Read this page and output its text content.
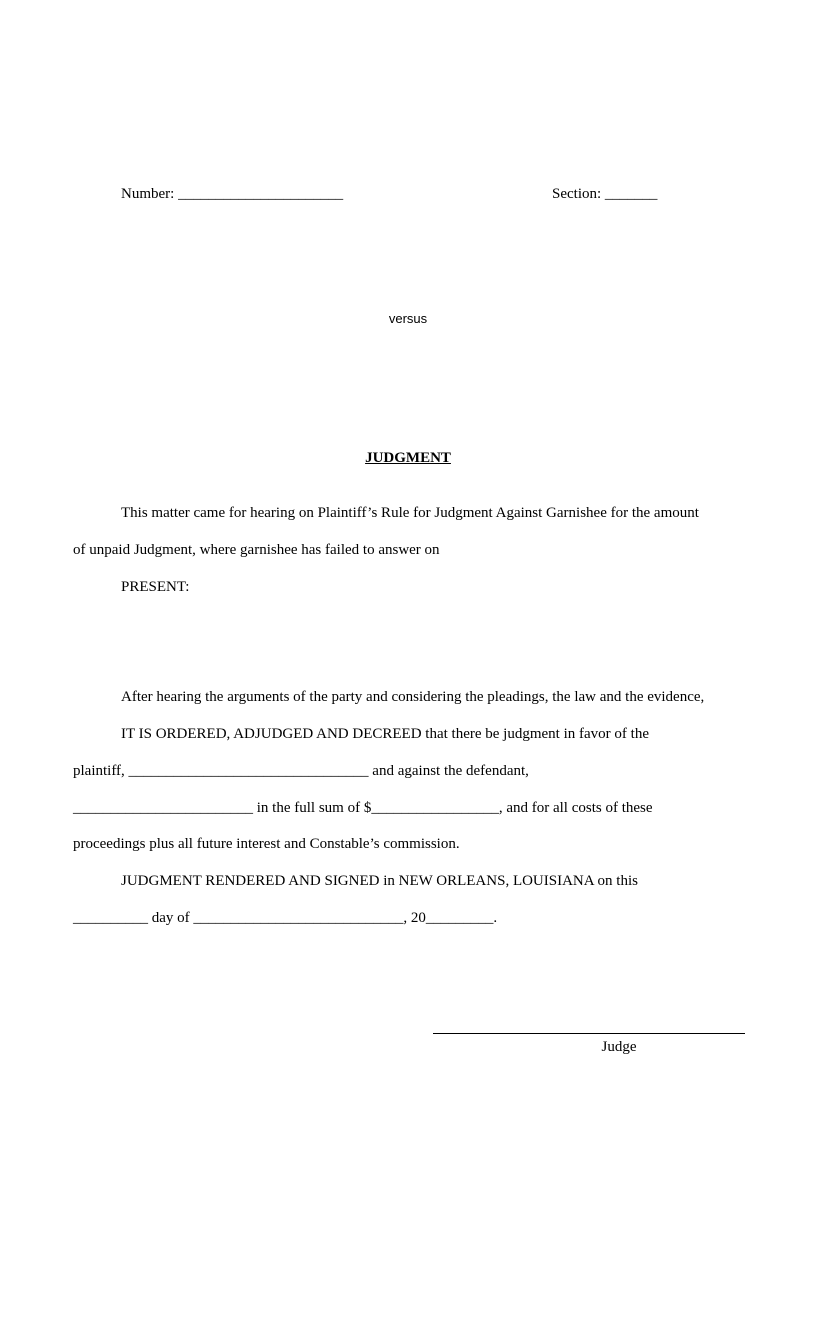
Number: ______________________	Section: _______
versus
JUDGMENT
This matter came for hearing on Plaintiff’s Rule for Judgment Against Garnishee for the amount
of unpaid Judgment, where garnishee has failed to answer on
PRESENT:
After hearing the arguments of the party and considering the pleadings, the law and the evidence,
IT IS ORDERED, ADJUDGED AND DECREED that there be judgment in favor of the
plaintiff, ________________________________ and against the defendant,
________________________ in the full sum of $_________________, and for all costs of these
proceedings plus all future interest and Constable’s commission.
JUDGMENT RENDERED AND SIGNED in NEW ORLEANS, LOUISIANA on this
__________ day of ____________________________, 20_________.
Judge
